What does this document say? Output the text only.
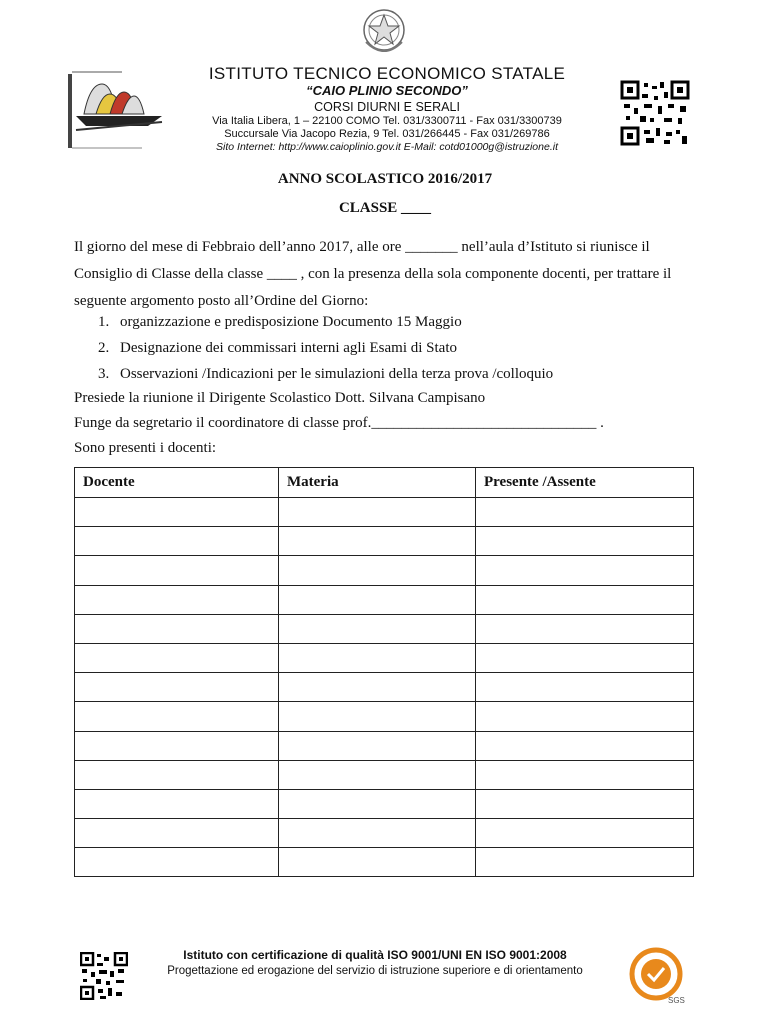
ISTITUTO TECNICO ECONOMICO STATALE
“CAIO PLINIO SECONDO”
CORSI DIURNI E SERALI
Via Italia Libera, 1 – 22100 COMO Tel. 031/3300711 - Fax 031/3300739
Succursale Via Jacopo Rezia, 9 Tel. 031/266445 - Fax 031/269786
Sito Internet: http://www.caioplinio.gov.it E-Mail: cotd01000g@istruzione.it
ANNO SCOLASTICO 2016/2017
CLASSE ____
Il giorno del mese di Febbraio dell’anno 2017, alle ore _______ nell’aula d’Istituto si riunisce il
Consiglio di Classe della classe ____ , con la presenza della sola componente docenti, per trattare il
seguente argomento posto all’Ordine del Giorno:
1. organizzazione e predisposizione Documento 15 Maggio
2. Designazione dei commissari interni agli Esami di Stato
3. Osservazioni /Indicazioni per le simulazioni della terza prova /colloquio
Presiede la riunione il Dirigente Scolastico Dott. Silvana Campisano
Funge da segretario il coordinatore di classe prof.______________________________ .
Sono presenti i docenti:
Docente	Materia	Presente /Assente

Istituto con certificazione di qualità ISO 9001/UNI EN ISO 9001:2008
Progettazione ed erogazione del servizio di istruzione superiore e di orientamento
SGS
